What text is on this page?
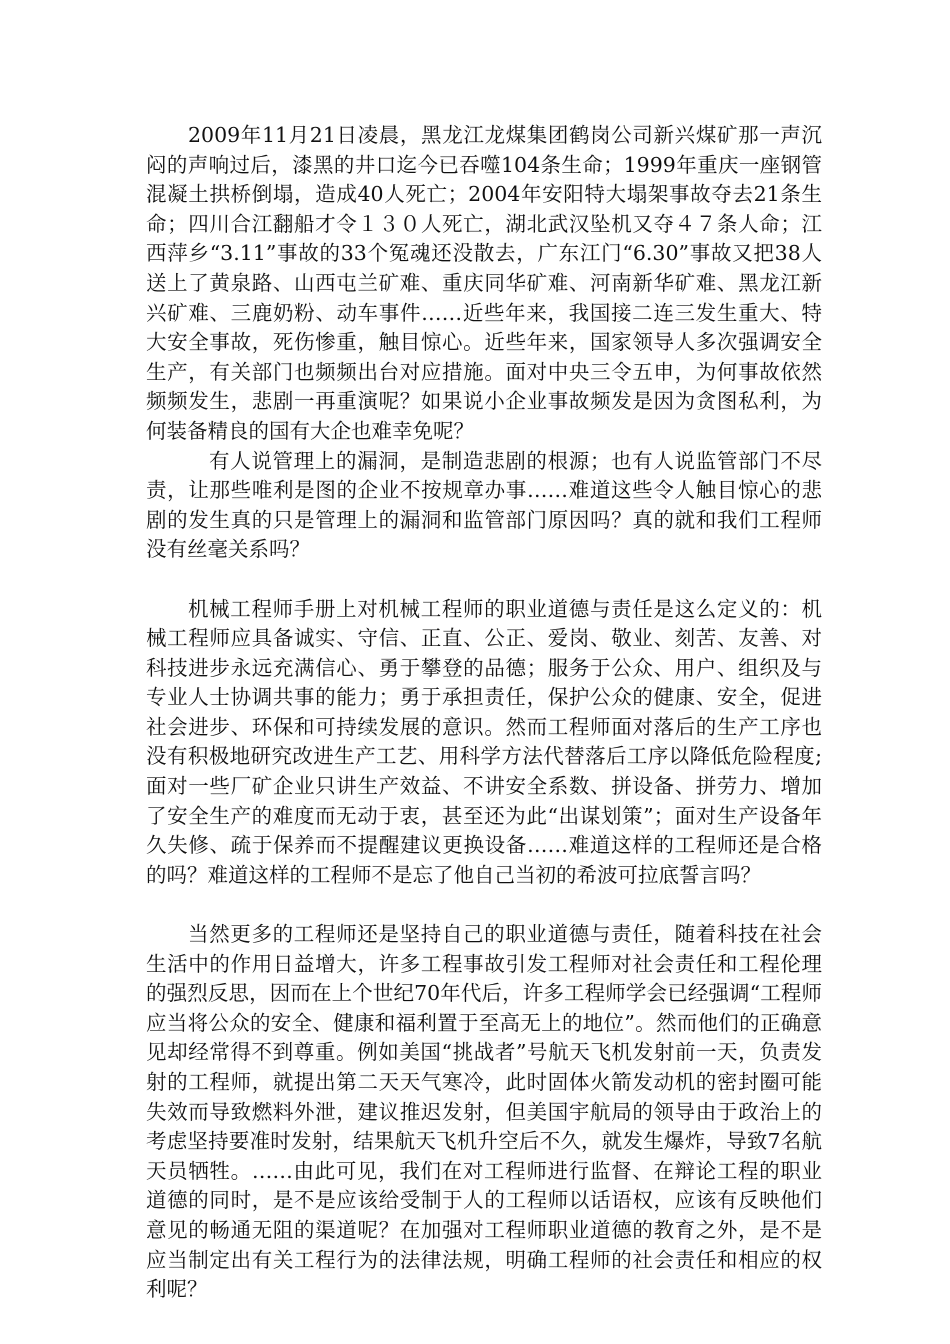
2009年11月21日凌晨，黑龙江龙煤集团鹤岗公司新兴煤矿那一声沉闷的声响过后，漆黑的井口迄今已吞噬104条生命；1999年重庆一座钢管混凝土拱桥倒塌，造成40人死亡；2004年安阳特大塌架事故夺去21条生命；四川合江翻船才令１３０人死亡，湖北武汉坠机又夺４７条人命；江西萍乡“3.11”事故的33个冤魂还没散去，广东江门“6.30”事故又把38人送上了黄泉路、山西屯兰矿难、重庆同华矿难、河南新华矿难、黑龙江新兴矿难、三鹿奶粉、动车事件……近些年来，我国接二连三发生重大、特大安全事故，死伤惨重，触目惊心。近些年来，国家领导人多次强调安全生产，有关部门也频频出台对应措施。面对中央三令五申，为何事故依然频频发生，悲剧一再重演呢？如果说小企业事故频发是因为贪图私利，为何装备精良的国有大企也难幸免呢？

有人说管理上的漏洞，是制造悲剧的根源；也有人说监管部门不尽责，让那些唯利是图的企业不按规章办事……难道这些令人触目惊心的悲剧的发生真的只是管理上的漏洞和监管部门原因吗？真的就和我们工程师没有丝毫关系吗？

机械工程师手册上对机械工程师的职业道德与责任是这么定义的：机械工程师应具备诚实、守信、正直、公正、爱岗、敬业、刻苦、友善、对科技进步永远充满信心、勇于攀登的品德；服务于公众、用户、组织及与专业人士协调共事的能力；勇于承担责任，保护公众的健康、安全，促进社会进步、环保和可持续发展的意识。然而工程师面对落后的生产工序也没有积极地研究改进生产工艺、用科学方法代替落后工序以降低危险程度;面对一些厂矿企业只讲生产效益、不讲安全系数、拼设备、拼劳力、增加了安全生产的难度而无动于衷，甚至还为此“出谋划策”；面对生产设备年久失修、疏于保养而不提醒建议更换设备……难道这样的工程师还是合格的吗？难道这样的工程师不是忘了他自己当初的希波可拉底誓言吗？

当然更多的工程师还是坚持自己的职业道德与责任，随着科技在社会生活中的作用日益增大，许多工程事故引发工程师对社会责任和工程伦理的强烈反思，因而在上个世纪70年代后，许多工程师学会已经强调“工程师应当将公众的安全、健康和福利置于至高无上的地位”。然而他们的正确意见却经常得不到尊重。例如美国“挑战者”号航天飞机发射前一天，负责发射的工程师，就提出第二天天气寒冷，此时固体火箭发动机的密封圈可能失效而导致燃料外泄，建议推迟发射，但美国宇航局的领导由于政治上的考虑坚持要准时发射，结果航天飞机升空后不久，就发生爆炸，导致7名航天员牺牲。……由此可见，我们在对工程师进行监督、在辩论工程的职业道德的同时，是不是应该给受制于人的工程师以话语权，应该有反映他们意见的畅通无阻的渠道呢？在加强对工程师职业道德的教育之外，是不是应当制定出有关工程行为的法律法规，明确工程师的社会责任和相应的权利呢？
